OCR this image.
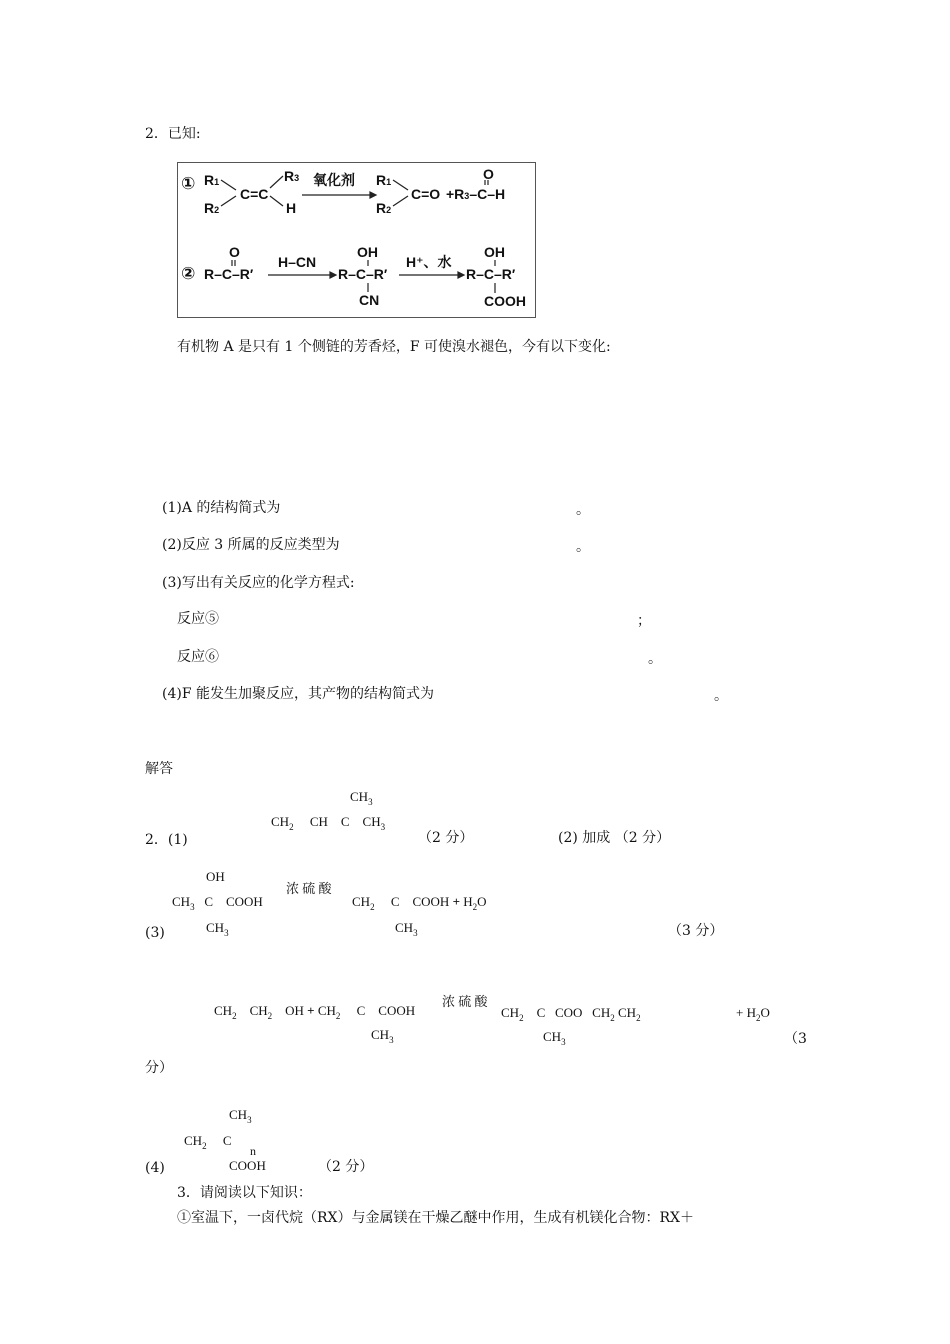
2．已知:
① R1
R2
C=C
R3
H
氧化剂 R1
R2
C=O +R3–C–H
O
② R–C–R′
O
H–CN
R–C–R′
OH
CN
H⁺、水
R–C–R′
OH
COOH
有机物 A 是只有 1 个侧链的芳香烃，F 可使溴水褪色，今有以下变化:
(1)A 的结构简式为	。
(2)反应 3 所属的反应类型为	。
(3)写出有关反应的化学方程式:
反应⑤	；
反应⑥	。
(4)F 能发生加聚反应，其产物的结构简式为	。
解答
2．(1)
$CH_3$
$CH_2$     CH    C    $CH_3$
（2 分）	(2) 加成 （2 分）
OH
$CH_3$   C    COOH
$CH_3$
浓 硫 酸
$CH_2$     C    COOH + $H_2O$
$CH_3$
(3)	（3 分）
$CH_2$    $CH_2$    OH + $CH_2$     C    COOH
$CH_3$
浓 硫 酸
$CH_2$    C   COO   $CH_2$ $CH_2$
$CH_3$
+ $H_2O$
（3
分）
$CH_3$
$CH_2$     C
n
COOH
(4)	（2 分）
3．请阅读以下知识：
①室温下，一卤代烷（RX）与金属镁在干燥乙醚中作用，生成有机镁化合物：RX＋
